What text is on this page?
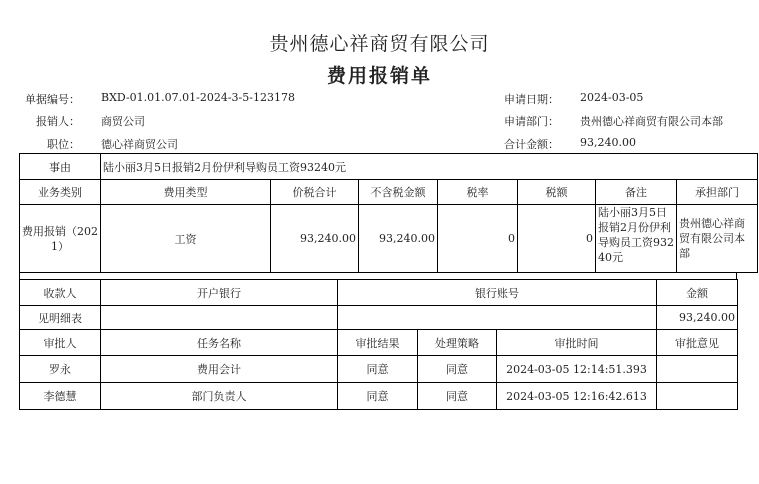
贵州德心祥商贸有限公司
费用报销单
单据编号： BXD-01.01.07.01-2024-3-5-123178	申请日期： 2024-03-05
报销人： 商贸公司	申请部门： 贵州德心祥商贸有限公司本部
职位： 德心祥商贸公司	合计金额： 93,240.00
事由	陆小丽3月5日报销2月份伊利导购员工资93240元						
业务类别	费用类型	价税合计	不含税金额	税率	税额	备注	承担部门
费用报销（2021）	工资	93,240.00	93,240.00	0	0	陆小丽3月5日报销2月份伊利导购员工资93240元	贵州德心祥商贸有限公司本部
收款人	开户银行	银行账号			金额
见明细表					93,240.00
审批人	任务名称	审批结果	处理策略	审批时间	审批意见
罗永	费用会计	同意	同意	2024-03-05 12:14:51.393	
李德慧	部门负责人	同意	同意	2024-03-05 12:16:42.613	
